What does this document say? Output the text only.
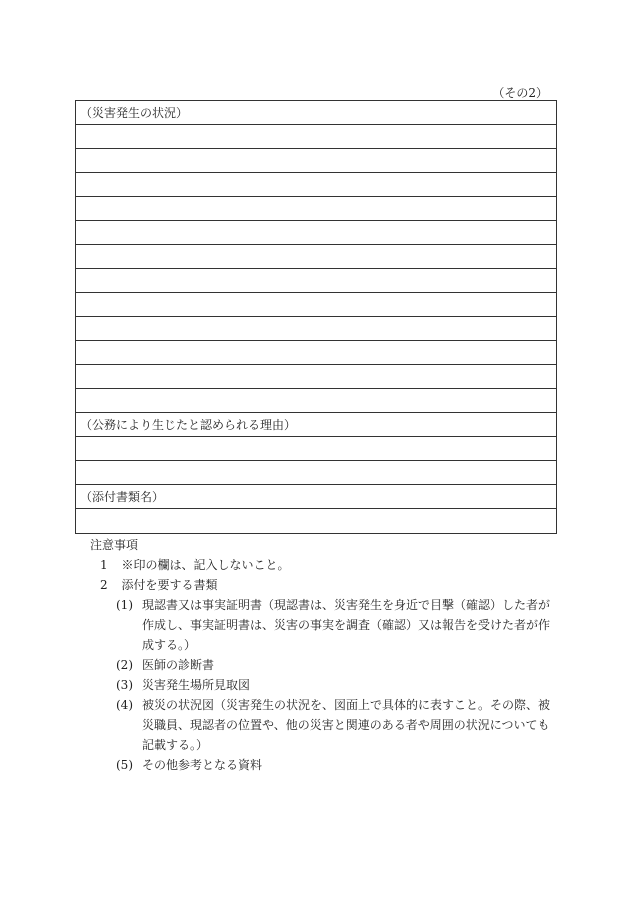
（その2）
（災害発生の状況）
（公務により生じたと認められる理由）
（添付書類名）
注意事項
1 ※印の欄は、記入しないこと。
2 添付を要する書類
(1) 現認書又は事実証明書（現認書は、災害発生を身近で目撃（確認）した者が作成し、事実証明書は、災害の事実を調査（確認）又は報告を受けた者が作成する。）
(2) 医師の診断書
(3) 災害発生場所見取図
(4) 被災の状況図（災害発生の状況を、図面上で具体的に表すこと。その際、被災職員、現認者の位置や、他の災害と関連のある者や周囲の状況についても記載する。）
(5) その他参考となる資料
